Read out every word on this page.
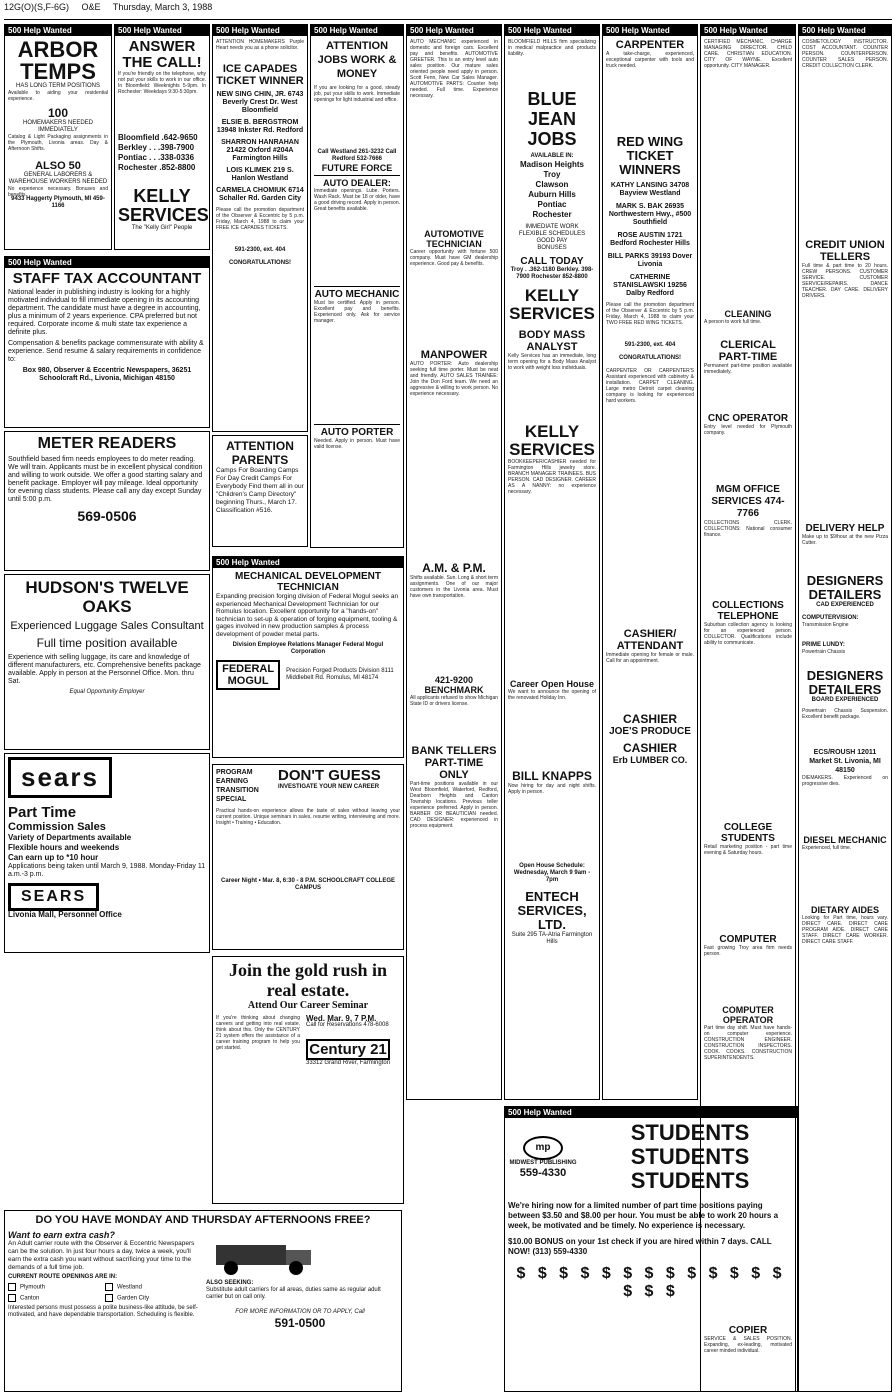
12G(O)(S,F-6G) O&E Thursday, March 3, 1988
500 Help Wanted
ARBOR TEMPS
HAS LONG TERM POSITIONS
Available to aiding your residential experience.
100
HOMEMAKERS NEEDED IMMEDIATELY
Catalog & Light Packaging assignments in the Plymouth, Livonia areas. Day & Afternoon Shifts.
ALSO 50
GENERAL LABORERS & WAREHOUSE WORKERS NEEDED
No experience necessary. Bonuses and benefits.
9433 Haggerty Plymouth, MI 459-1166
500 Help Wanted
ANSWER THE CALL!
If you're friendly on the telephone, why not put your skills to work in our office. In Bloomfield: Weeknights 5-9pm. In Rochester: Weekdays 9:30-5:30pm.
Bloomfield .642-9650
Berkley . . .398-7900
Pontiac . . .338-0336
Rochester .852-8800
KELLY SERVICES
The "Kelly Girl" People
500 Help Wanted
STAFF TAX ACCOUNTANT
National leader in publishing industry is looking for a highly motivated individual to fill immediate opening in its accounting department. The candidate must have a degree in accounting, plus a minimum of 2 years experience. CPA preferred but not required. Corporate income & multi state tax experience a definite plus.
Compensation & benefits package commensurate with ability & experience. Send resume & salary requirements in confidence to:
Box 980, Observer & Eccentric Newspapers, 36251 Schoolcraft Rd., Livonia, Michigan 48150
METER READERS
Southfield based firm needs employees to do meter reading. We will train. Applicants must be in excellent physical condition and willing to work outside. We offer a good starting salary and benefit package. Employer will pay mileage. Ideal opportunity for evening class students. Please call any day except Sunday until 5:00 p.m.
569-0506
HUDSON'S TWELVE OAKS
Experienced Luggage Sales Consultant
Full time position available
Experience with selling luggage, its care and knowledge of different manufacturers, etc. Comprehensive benefits package available. Apply in person at the Personnel Office. Mon. thru Sat.
Equal Opportunity Employer
sears
Part Time
Commission Sales
Variety of Departments available
Flexible hours and weekends
Can earn up to *10 hour
Applications being taken until March 9, 1988. Monday-Friday 11 a.m.-3 p.m.
SEARS
Livonia Mall, Personnel Office
DO YOU HAVE MONDAY AND THURSDAY AFTERNOONS FREE?
Want to earn extra cash?
An Adult carrier route with the Observer & Eccentric Newspapers can be the solution. In just four hours a day, twice a week, you'll earn the extra cash you want without sacrificing your time to the demands of a full time job.
CURRENT ROUTE OPENINGS ARE IN:
Plymouth	Westland
Canton	Garden City
Interested persons must possess a polite business-like attitude, be self-motivated, and have dependable transportation. Scheduling is flexible.
ALSO SEEKING:
Substitute adult carriers for all areas, duties same as regular adult carrier but on call only.
FOR MORE INFORMATION OR TO APPLY, Call
591-0500
500 Help Wanted
ATTENTION HOMEMAKERS Purple Heart needs you as a phone solicitor.
ICE CAPADES TICKET WINNER
NEW SING CHIN, JR. 6743 Beverly Crest Dr. West Bloomfield
ELSIE B. BERGSTROM 13948 Inkster Rd. Redford
SHARRON HANRAHAN 21422 Oxford #204A Farmington Hills
LOIS KLIMEK 219 S. Hanlon Westland
CARMELA CHOMIUK 6714 Schaller Rd. Garden City
Please call the promotion department of the Observer & Eccentric by 5 p.m. Friday, March 4, 1988 to claim your FREE ICE CAPADES TICKETS.
591-2300, ext. 404
CONGRATULATIONS!
ATTENTION PARENTS
Camps For Boarding Camps For Day Credit Camps For Everybody Find them all in our "Children's Camp Directory" beginning Thurs., March 17. Classification #516.
500 Help Wanted
ATTENTION JOBS WORK & MONEY
If you are looking for a good, steady job, put your skills to work. Immediate openings for light industrial and office.
Call Westland 261-3232 Call Redford 532-7666
FUTURE FORCE
AUTO DEALER:
Immediate openings. Lube. Porters. Wash Rack. Must be 18 or older, have a good driving record. Apply in person. Great benefits available.
AUTO MECHANIC
Must be certified. Apply in person. Excellent pay and benefits. Experienced only. Ask for service manager.
AUTO PORTER
Needed. Apply in person. Must have valid license.
500 Help Wanted
MECHANICAL DEVELOPMENT TECHNICIAN
Expanding precision forging division of Federal Mogul seeks an experienced Mechanical Development Technician for our Romulus location. Excellent opportunity for a "hands-on" technician to set-up & operation of forging equipment, tooling & gages involved in new production samples & process development of powder metal parts.
Division Employee Relations Manager Federal Mogul Corporation
FEDERAL MOGUL
Precision Forged Products Division 8111 Middlebelt Rd. Romulus, MI 48174
PROGRAM
EARNING
TRANSITION
SPECIAL
DON'T GUESS
INVESTIGATE YOUR NEW CAREER
Practical hands-on experience allows the taste of sales without leaving your current position. Unique seminars in sales, resume writing, interviewing and more. Insight • Training • Education.
Career Night • Mar. 8, 6:30 - 8 P.M. SCHOOLCRAFT COLLEGE CAMPUS
Join the gold rush in real estate.
Attend Our Career Seminar
If you're thinking about changing careers and getting into real estate, think about this. Only the CENTURY 21 system offers the assistance of a career training program to help you get started.
Wed. Mar. 9, 7 P.M.
Call for Reservations 478-6008
Century 21
33312 Grand River, Farmington
500 Help Wanted
AUTO MECHANIC experienced in domestic and foreign cars. Excellent pay and benefits. AUTOMOTIVE GREETER. This is an entry level auto sales position. Our mature sales oriented people need apply in person. Scott Fenn, New Car Sales Manager. AUTOMOTIVE PARTS: Counter help needed. Full time. Experience necessary.
AUTOMOTIVE TECHNICIAN
Career opportunity with fortune 500 company. Must have GM dealership experience. Good pay & benefits.
MANPOWER
AUTO PORTER: Auto dealership seeking full time porter. Must be neat and friendly. AUTO SALES TRAINEE: Join the Don Ford team. We need an aggressive & willing to work person. No experience necessary.
A.M. & P.M.
Shifts available. Sun. Long & short term assignments. One of our major customers in the Livonia area. Must have own transportation.
421-9200 BENCHMARK
All applicants refused to show Michigan State ID or drivers license.
BANK TELLERS PART-TIME ONLY
Part-time positions available in our West Bloomfield, Waterford, Redford, Dearborn Heights and Canton Township locations. Previous teller experience preferred. Apply in person. BARBER OR BEAUTICIAN needed. CAD DESIGNER: experienced in process equipment.
500 Help Wanted
BLOOMFIELD HILLS firm specializing in medical malpractice and products liability.
BLUE JEAN JOBS
AVAILABLE IN:
Madison Heights
Troy
Clawson
Auburn Hills
Pontiac
Rochester
IMMEDIATE WORK
FLEXIBLE SCHEDULES
GOOD PAY
BONUSES
CALL TODAY
Troy . .362-1180 Berkley. 398-7900 Rochester 852-8800
KELLY SERVICES
BODY MASS ANALYST
Kelly Services has an immediate, long term opening for a Body Mass Analyst to work with weight loss individuals.
KELLY SERVICES
BOOKKEEPER/CASHIER needed for Farmington Hills jewelry store. BRANCH MANAGER TRAINEES. BUS PERSON. CAD DESIGNER. CAREER AS A NANNY: no experience necessary.
Career Open House
We want to announce the opening of the renovated Holiday Inn.
BILL KNAPPS
Now hiring for day and night shifts. Apply in person.
Open House Schedule: Wednesday, March 9 9am - 7pm
ENTECH SERVICES, LTD.
Suite 295 TA-Atria Farmington Hills
500 Help Wanted
CARPENTER
A take-charge, experienced, exceptional carpenter with tools and truck needed.
RED WING TICKET WINNERS
KATHY LANSING 34708 Bayview Westland
MARK S. BAK 26935 Northwestern Hwy., #500 Southfield
ROSE AUSTIN 1721 Bedford Rochester Hills
BILL PARKS 39193 Dover Livonia
CATHERINE STANISLAWSKI 19256 Dalby Redford
Please call the promotion department of the Observer & Eccentric by 5 p.m. Friday, March 4, 1988 to claim your TWO FREE RED WING TICKETS.
591-2300, ext. 404
CONGRATULATIONS!
CARPENTER OR CARPENTER'S Assistant experienced with cabinetry & installation. CARPET CLEANING. Large metro Detroit carpet cleaning company is looking for experienced hard workers.
CASHIER/ ATTENDANT
Immediate opening for female or male. Call for an appointment.
CASHIER
JOE'S PRODUCE
CASHIER
Erb LUMBER CO.
500 Help Wanted
CERTIFIED MECHANIC. CHARGE MANAGING DIRECTOR. CHILD CARE. CHRISTIAN EDUCATION. CITY OF WAYNE. Excellent opportunity. CITY MANAGER.
CLEANING
A person to work full time.
CLERICAL PART-TIME
Permanent part-time position available immediately.
CNC OPERATOR
Entry level needed for Plymouth company.
MGM OFFICE SERVICES 474-7766
COLLECTIONS CLERK. COLLECTIONS: National consumer finance.
COLLECTIONS TELEPHONE
Suburban collection agency is looking for an experienced person. COLLECTOR. Qualifications include ability to communicate.
COLLEGE STUDENTS
Retail marketing position - part time evening & Saturday hours.
COMPUTER
Fast growing Troy area firm needs person.
COMPUTER OPERATOR
Part time day shift. Must have hands-on computer experience. CONSTRUCTION ENGINEER. CONSTRUCTION INSPECTORS. COOK. COOKS. CONSTRUCTION SUPERINTENDENTS.
COPIER
SERVICE & SALES POSITION. Expanding, ex-leading, motivated career minded individual.
500 Help Wanted
COSMETOLOGY INSTRUCTOR. COST ACCOUNTANT. COUNTER PERSON. COUNTERPERSON. COUNTER SALES PERSON. CREDIT COLLECTION CLERK.
CREDIT UNION TELLERS
Full time & part time to 20 hours. CREW PERSONS. CUSTOMER SERVICE. CUSTOMER SERVICE/REPAIRS. DANCE TEACHER. DAY CARE. DELIVERY DRIVERS.
DELIVERY HELP
Make up to $9/hour at the new Pizza Cutter.
DESIGNERS DETAILERS
CAD EXPERIENCED
COMPUTERVISION:
Transmission Engine
PRIME LUNDY:
Powertrain Chassis
DESIGNERS DETAILERS
BOARD EXPERIENCED
Powertrain Chassis Suspension. Excellent benefit package.
ECS/ROUSH 12011 Market St. Livonia, MI 48150
DIEMAKERS. Experienced on progressive dies.
DIESEL MECHANIC
Experienced, full time.
DIETARY AIDES
Looking for Part time, hours vary. DIRECT CARE. DIRECT CARE PROGRAM AIDE. DIRECT CARE STAFF. DIRECT CARE WORKER. DIRECT CARE STAFF.
500 Help Wanted
mp
MIDWEST PUBLISHING
559-4330
STUDENTS
STUDENTS
STUDENTS
We're hiring now for a limited number of part time positions paying between $3.50 and $8.00 per hour. You must be able to work 20 hours a week, be motivated and be timely. No experience is necessary.
$10.00 BONUS on your 1st check if you are hired within 7 days. CALL NOW! (313) 559-4330
$ $ $ $ $ $ $ $ $ $ $ $ $ $ $ $
